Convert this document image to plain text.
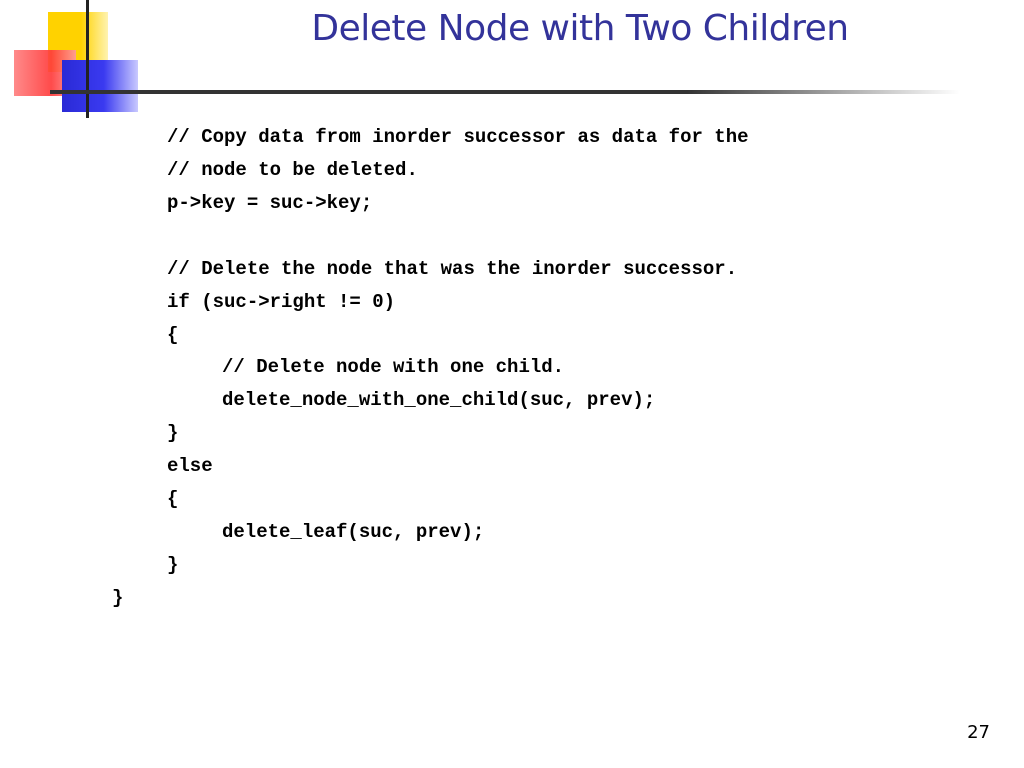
Delete Node with Two Children
// Copy data from inorder successor as data for the
// node to be deleted.
p->key = suc->key;
// Delete the node that was the inorder successor.
if (suc->right != 0)
{
// Delete node with one child.
delete_node_with_one_child(suc, prev);
}
else
{
delete_leaf(suc, prev);
}
}
27
